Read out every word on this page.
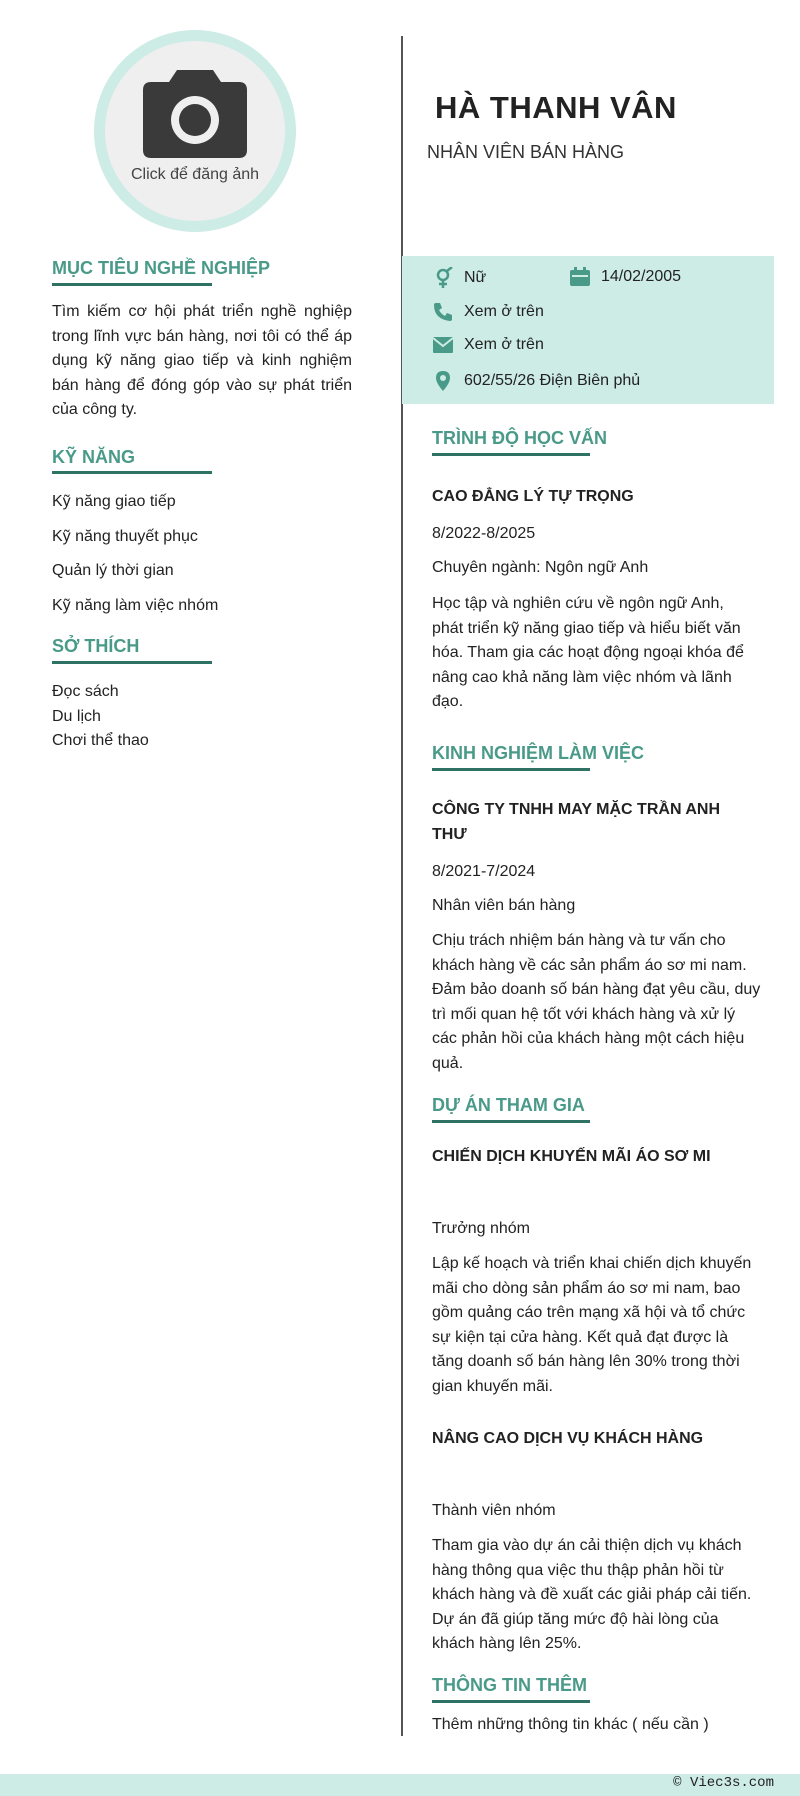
Click để đăng ảnh
MỤC TIÊU NGHỀ NGHIỆP
Tìm kiếm cơ hội phát triển nghề nghiệp trong lĩnh vực bán hàng, nơi tôi có thể áp dụng kỹ năng giao tiếp và kinh nghiệm bán hàng để đóng góp vào sự phát triển của công ty.
KỸ NĂNG
Kỹ năng giao tiếp
Kỹ năng thuyết phục
Quản lý thời gian
Kỹ năng làm việc nhóm
SỞ THÍCH
Đọc sách
Du lịch
Chơi thể thao
HÀ THANH VÂN
NHÂN VIÊN BÁN HÀNG
Nữ	14/02/2005
Xem ở trên
Xem ở trên
602/55/26 Điện Biên phủ
TRÌNH ĐỘ HỌC VẤN
CAO ĐẲNG LÝ TỰ TRỌNG
8/2022-8/2025
Chuyên ngành: Ngôn ngữ Anh
Học tập và nghiên cứu về ngôn ngữ Anh, phát triển kỹ năng giao tiếp và hiểu biết văn hóa. Tham gia các hoạt động ngoại khóa để nâng cao khả năng làm việc nhóm và lãnh đạo.
KINH NGHIỆM LÀM VIỆC
CÔNG TY TNHH MAY MẶC TRẦN ANH THƯ
8/2021-7/2024
Nhân viên bán hàng
Chịu trách nhiệm bán hàng và tư vấn cho khách hàng về các sản phẩm áo sơ mi nam. Đảm bảo doanh số bán hàng đạt yêu cầu, duy trì mối quan hệ tốt với khách hàng và xử lý các phản hồi của khách hàng một cách hiệu quả.
DỰ ÁN THAM GIA
CHIẾN DỊCH KHUYẾN MÃI ÁO SƠ MI
Trưởng nhóm
Lập kế hoạch và triển khai chiến dịch khuyến mãi cho dòng sản phẩm áo sơ mi nam, bao gồm quảng cáo trên mạng xã hội và tổ chức sự kiện tại cửa hàng. Kết quả đạt được là tăng doanh số bán hàng lên 30% trong thời gian khuyến mãi.
NÂNG CAO DỊCH VỤ KHÁCH HÀNG
Thành viên nhóm
Tham gia vào dự án cải thiện dịch vụ khách hàng thông qua việc thu thập phản hồi từ khách hàng và đề xuất các giải pháp cải tiến. Dự án đã giúp tăng mức độ hài lòng của khách hàng lên 25%.
THÔNG TIN THÊM
Thêm những thông tin khác ( nếu cần )
© Viec3s.com
